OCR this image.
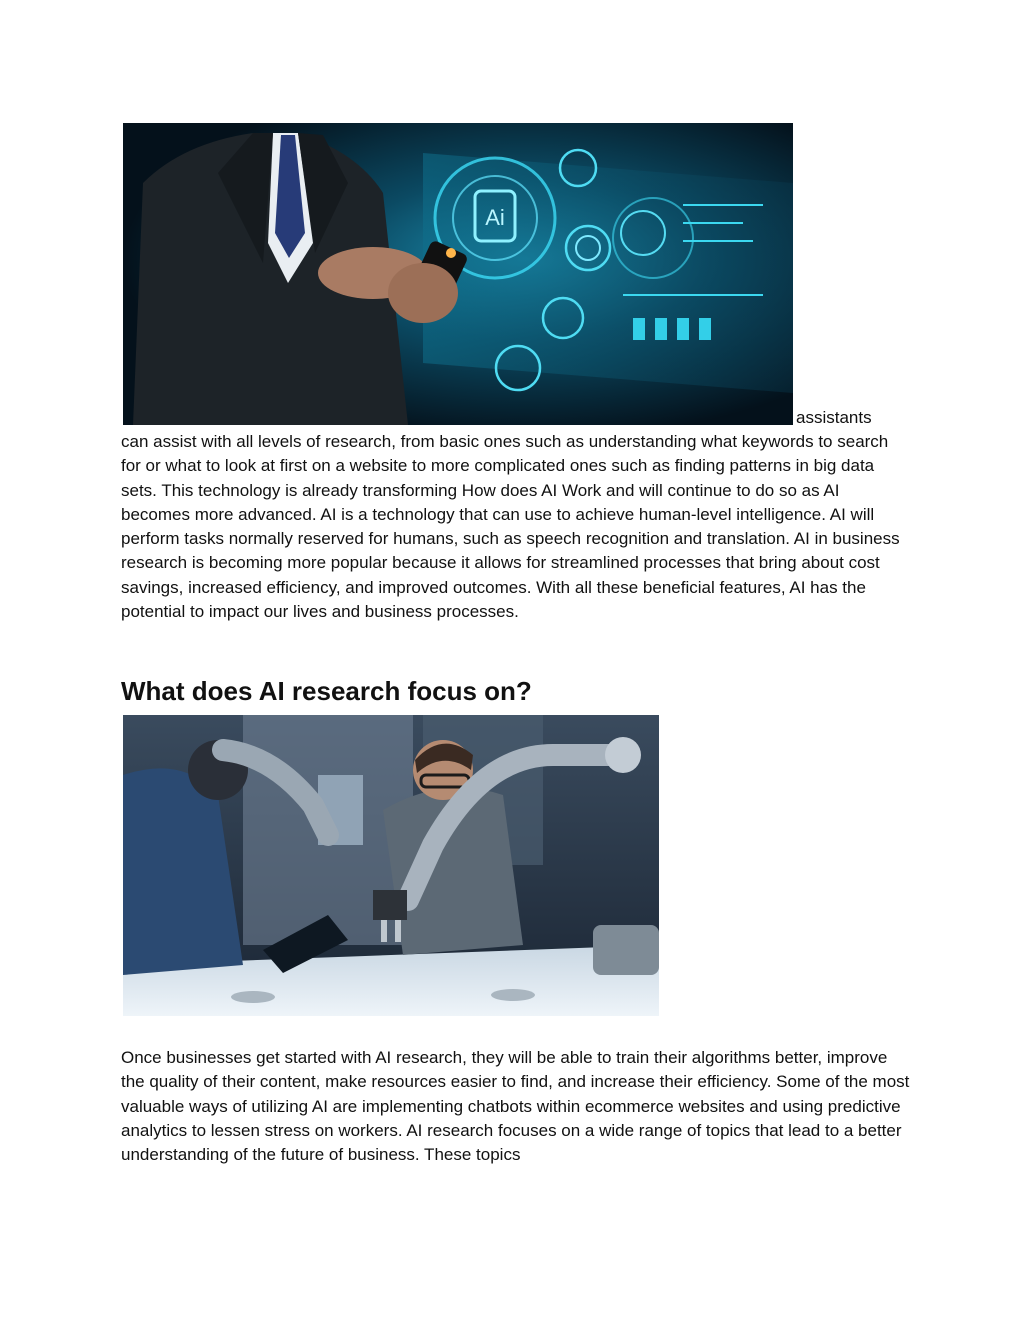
Ai
assistants

can assist with all levels of research, from basic ones such as understanding what keywords to search for or what to look at first on a website to more complicated ones such as finding patterns in big data sets. This technology is already transforming How does AI Work and will continue to do so as AI becomes more advanced. AI is a technology that can use to achieve human-level intelligence. AI will perform tasks normally reserved for humans, such as speech recognition and translation. AI in business research is becoming more popular because it allows for streamlined processes that bring about cost savings, increased efficiency, and improved outcomes. With all these beneficial features, AI has the potential to impact our lives and business processes.

What does AI research focus on?

Once businesses get started with AI research, they will be able to train their algorithms better, improve the quality of their content, make resources easier to find, and increase their efficiency. Some of the most valuable ways of utilizing AI are implementing chatbots within ecommerce websites and using predictive analytics to lessen stress on workers. AI research focuses on a wide range of topics that lead to a better understanding of the future of business. These topics
